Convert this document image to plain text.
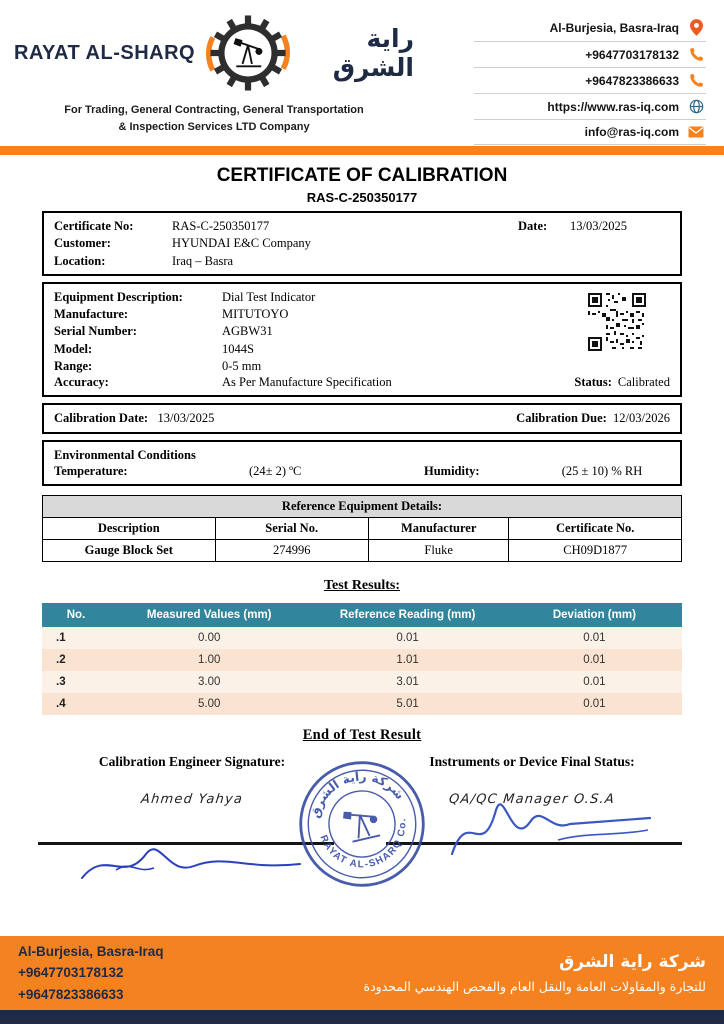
RAYAT AL-SHARQ	راية الشرق
For Trading, General Contracting, General Transportation
& Inspection Services LTD Company
Al-Burjesia, Basra-Iraq
+9647703178132
+9647823386633
https://www.ras-iq.com
info@ras-iq.com
CERTIFICATE OF CALIBRATION
RAS-C-250350177
Certificate No:	RAS-C-250350177	Date:	13/03/2025
Customer:	HYUNDAI E&C Company
Location:	Iraq – Basra
Equipment Description:	Dial Test Indicator
Manufacture:	MITUTOYO
Serial Number:	AGBW31
Model:	1044S
Range:	0-5 mm
Accuracy:	As Per Manufacture Specification	Status: Calibrated
Calibration Date: 13/03/2025	Calibration Due: 12/03/2026
Environmental Conditions
Temperature:	(24± 2) ºC	Humidity:	(25 ± 10) % RH
Reference Equipment Details:			
Description	Serial No.	Manufacturer	Certificate No.
Gauge Block Set	274996	Fluke	CH09D1877
Test Results:
No.	Measured Values (mm)	Reference Reading (mm)	Deviation (mm)
.1	0.00	0.01	0.01
.2	1.00	1.01	0.01
.3	3.00	3.01	0.01
.4	5.00	5.01	0.01
End of Test Result
Calibration Engineer Signature:
Ahmed Yahya
Instruments or Device Final Status:
QA/QC Manager O.S.A
شركة راية الشرق
RAYAT AL-SHARQ Co.
Al-Burjesia, Basra-Iraq
+9647703178132
+9647823386633
شركة راية الشرق
للتجارة والمقاولات العامة والنقل العام والفحص الهندسي المحدودة
